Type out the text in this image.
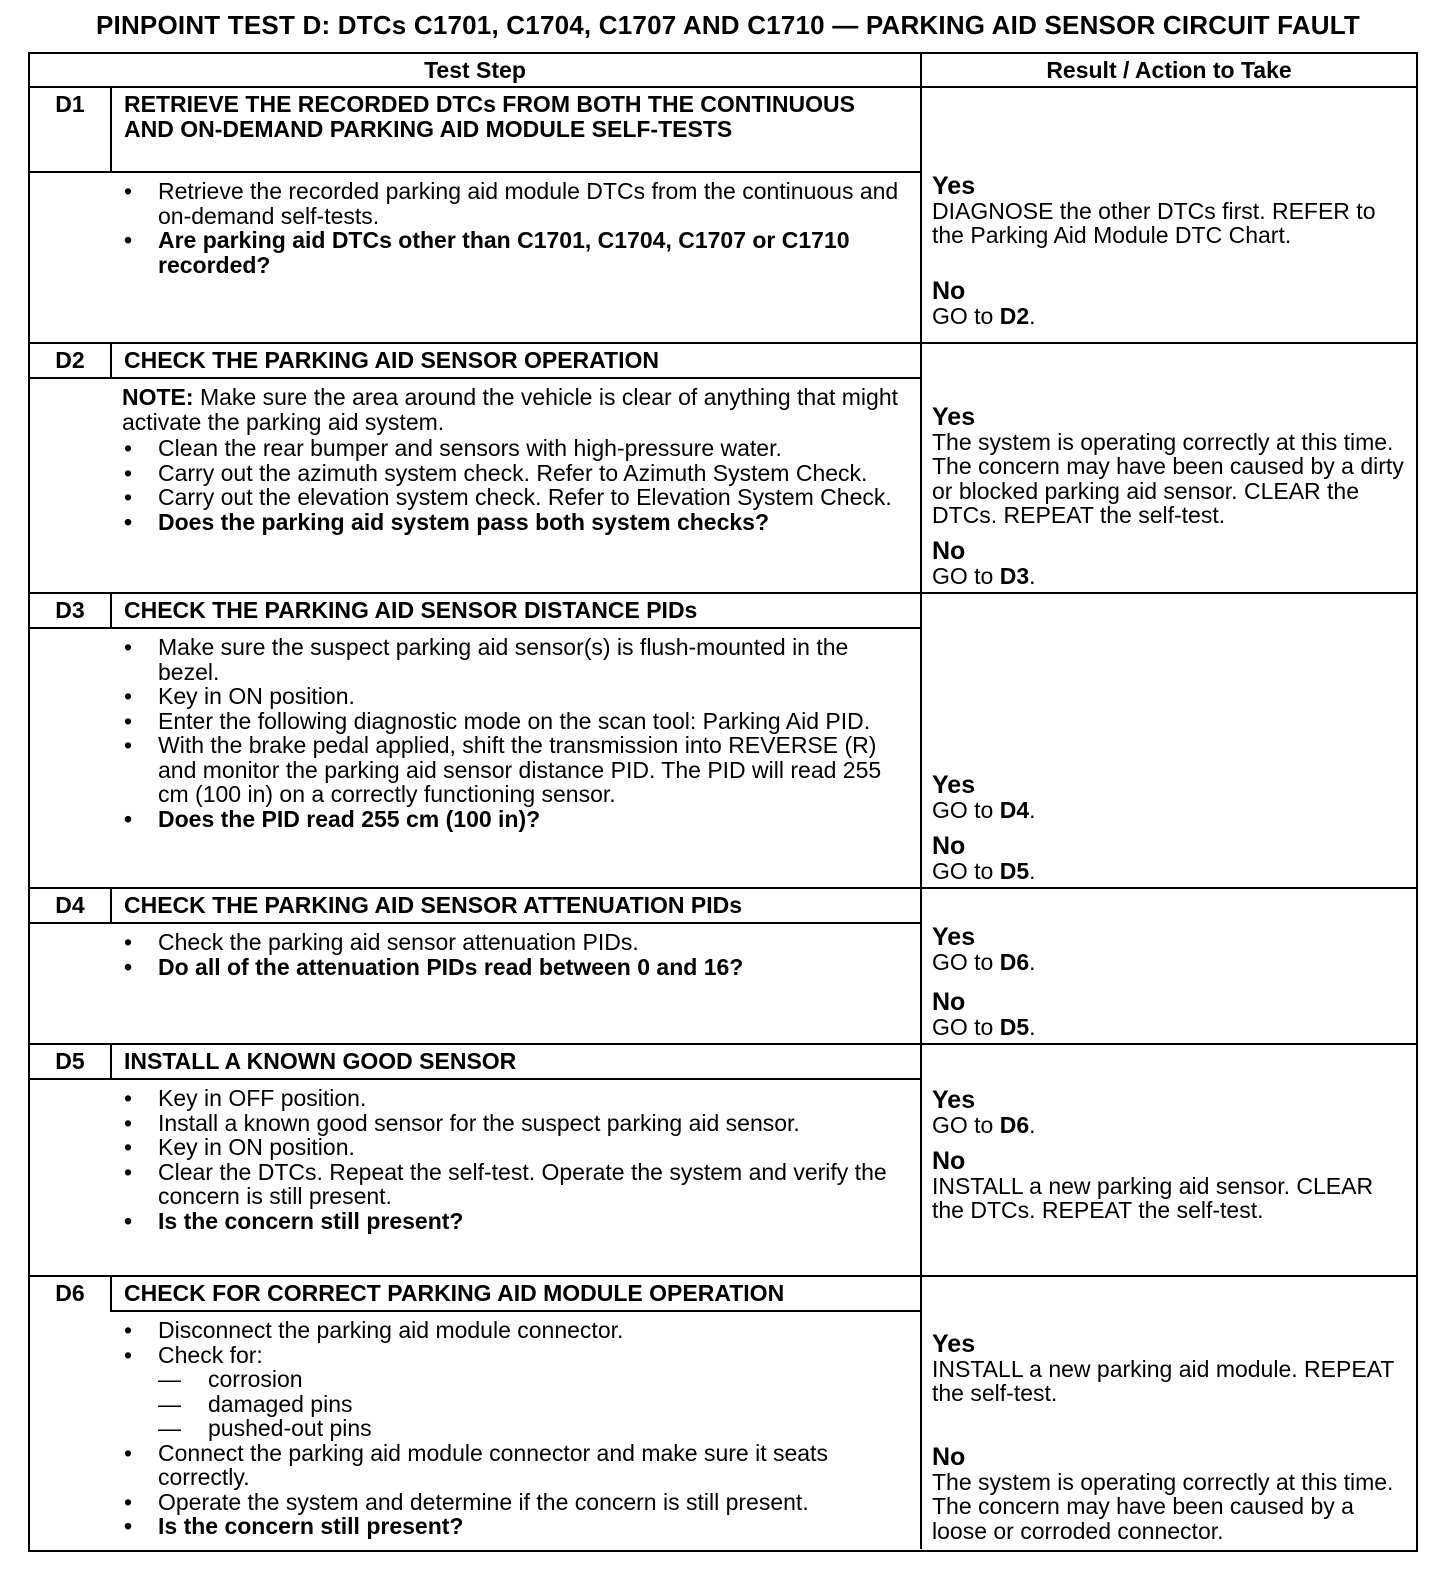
PINPOINT TEST D: DTCs C1701, C1704, C1707 AND C1710 — PARKING AID SENSOR CIRCUIT FAULT
Test Step	Result / Action to Take
D1	RETRIEVE THE RECORDED DTCs FROM BOTH THE CONTINUOUS AND ON-DEMAND PARKING AID MODULE SELF-TESTS
• Retrieve the recorded parking aid module DTCs from the continuous and on-demand self-tests.
• Are parking aid DTCs other than C1701, C1704, C1707 or C1710 recorded?
Yes
DIAGNOSE the other DTCs first. REFER to the Parking Aid Module DTC Chart.
No
GO to D2.
D2	CHECK THE PARKING AID SENSOR OPERATION
NOTE: Make sure the area around the vehicle is clear of anything that might activate the parking aid system.
• Clean the rear bumper and sensors with high-pressure water.
• Carry out the azimuth system check. Refer to Azimuth System Check.
• Carry out the elevation system check. Refer to Elevation System Check.
• Does the parking aid system pass both system checks?
Yes
The system is operating correctly at this time. The concern may have been caused by a dirty or blocked parking aid sensor. CLEAR the DTCs. REPEAT the self-test.
No
GO to D3.
D3	CHECK THE PARKING AID SENSOR DISTANCE PIDs
• Make sure the suspect parking aid sensor(s) is flush-mounted in the bezel.
• Key in ON position.
• Enter the following diagnostic mode on the scan tool: Parking Aid PID.
• With the brake pedal applied, shift the transmission into REVERSE (R) and monitor the parking aid sensor distance PID. The PID will read 255 cm (100 in) on a correctly functioning sensor.
• Does the PID read 255 cm (100 in)?
Yes
GO to D4.
No
GO to D5.
D4	CHECK THE PARKING AID SENSOR ATTENUATION PIDs
• Check the parking aid sensor attenuation PIDs.
• Do all of the attenuation PIDs read between 0 and 16?
Yes
GO to D6.
No
GO to D5.
D5	INSTALL A KNOWN GOOD SENSOR
• Key in OFF position.
• Install a known good sensor for the suspect parking aid sensor.
• Key in ON position.
• Clear the DTCs. Repeat the self-test. Operate the system and verify the concern is still present.
• Is the concern still present?
Yes
GO to D6.
No
INSTALL a new parking aid sensor. CLEAR the DTCs. REPEAT the self-test.
D6	CHECK FOR CORRECT PARKING AID MODULE OPERATION
• Disconnect the parking aid module connector.
• Check for:
— corrosion
— damaged pins
— pushed-out pins
• Connect the parking aid module connector and make sure it seats correctly.
• Operate the system and determine if the concern is still present.
• Is the concern still present?
Yes
INSTALL a new parking aid module. REPEAT the self-test.
No
The system is operating correctly at this time. The concern may have been caused by a loose or corroded connector.
